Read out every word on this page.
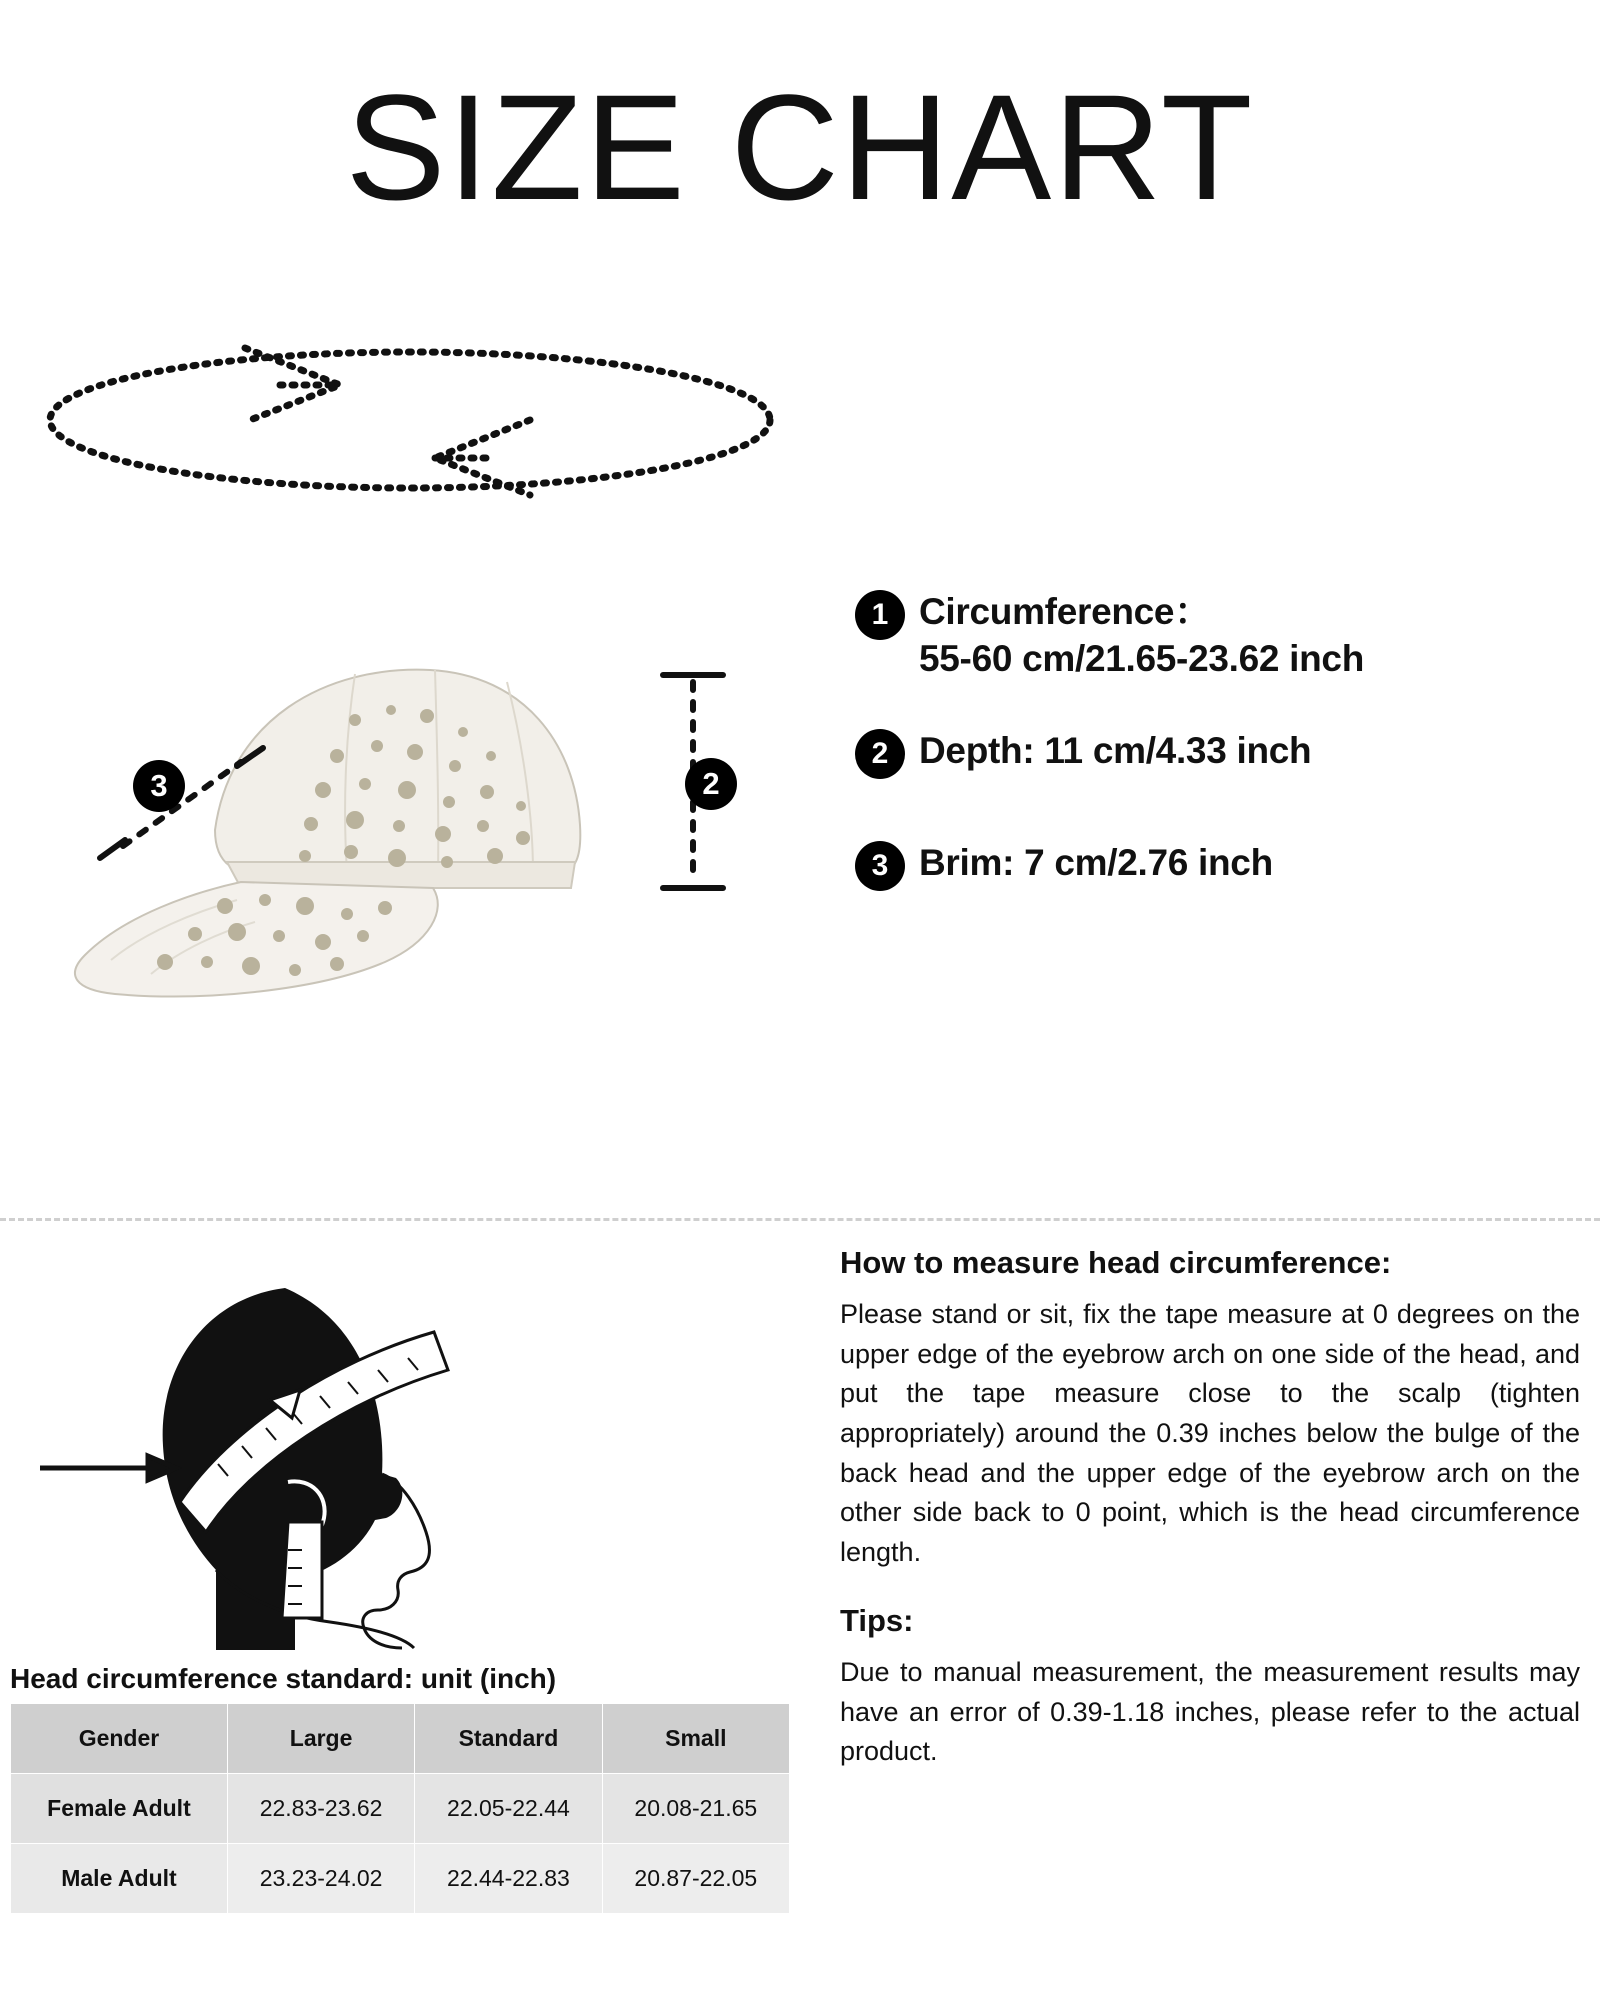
SIZE CHART
2
3
1 Circumference：
55-60 cm/21.65-23.62 inch
2 Depth: 11 cm/4.33 inch
3 Brim: 7 cm/2.76 inch
Head circumference standard: unit (inch)
Gender	Large	Standard	Small
Female Adult	22.83-23.62	22.05-22.44	20.08-21.65
Male Adult	23.23-24.02	22.44-22.83	20.87-22.05
How to measure head circumference:

Please stand or sit, fix the tape measure at 0 degrees on the upper edge of the eyebrow arch on one side of the head, and put the tape measure close to the scalp (tighten appropriately) around the 0.39 inches below the bulge of the back head and the upper edge of the eyebrow arch on the other side back to 0 point, which is the head circumference length.

Tips:

Due to manual measurement, the measurement results may have an error of 0.39-1.18 inches, please refer to the actual product.
